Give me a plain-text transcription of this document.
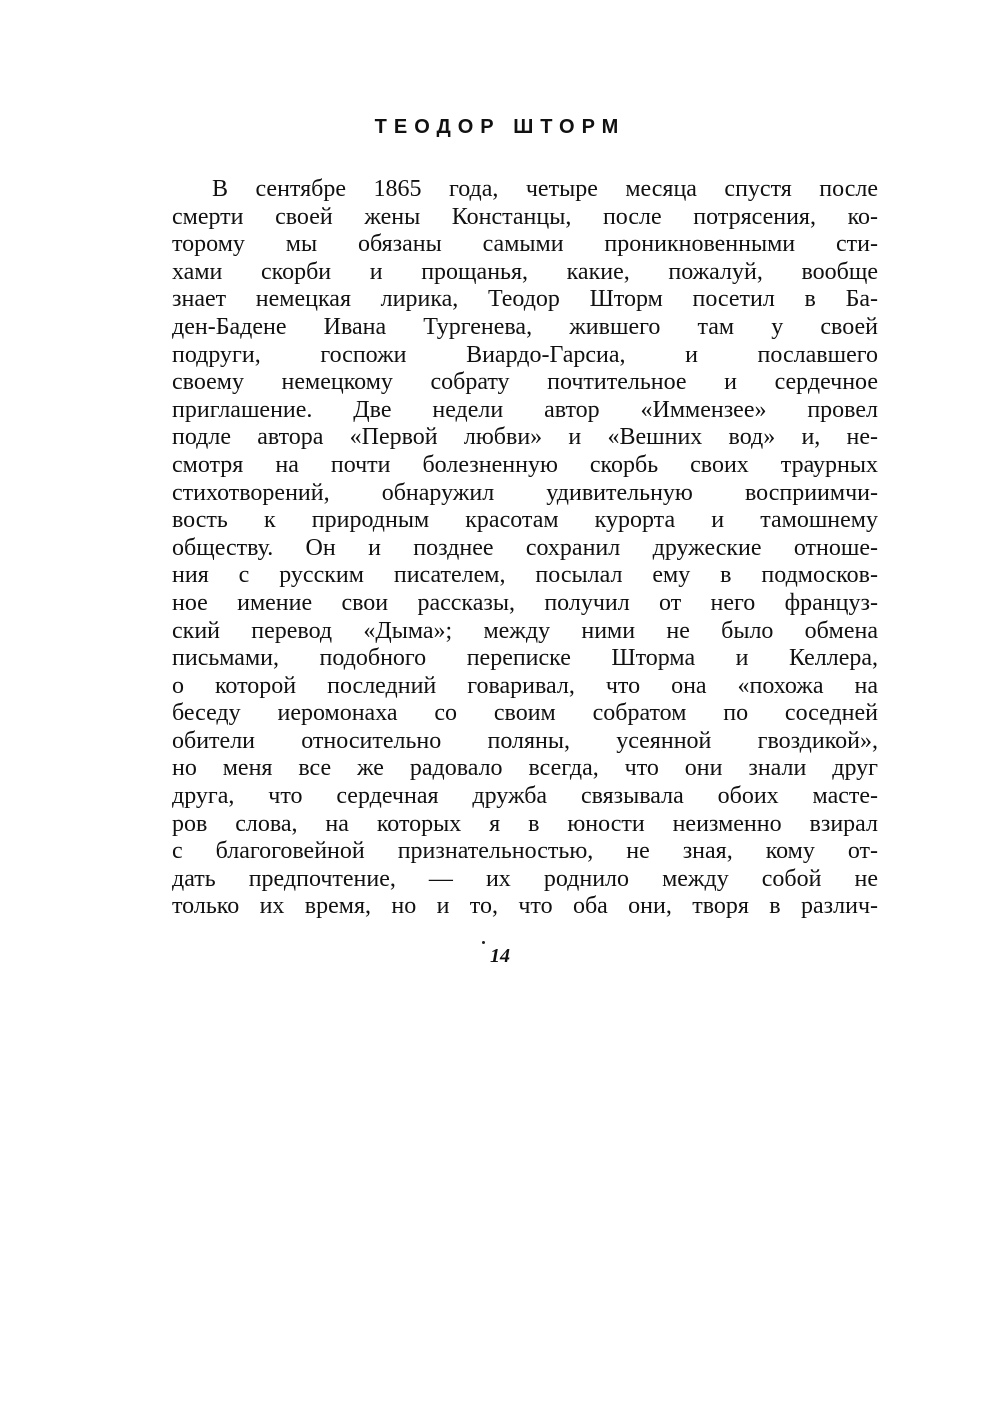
ТЕОДОР ШТОРМ
В сентябре 1865 года, четыре месяца спустя после
смерти своей жены Констанцы, после потрясения, ко-
торому мы обязаны самыми проникновенными сти-
хами скорби и прощанья, какие, пожалуй, вообще
знает немецкая лирика, Теодор Шторм посетил в Ба-
ден-Бадене Ивана Тургенева, жившего там у своей
подруги, госпожи Виардо-Гарсиа, и пославшего
своему немецкому собрату почтительное и сердечное
приглашение. Две недели автор «Иммензее» провел
подле автора «Первой любви» и «Вешних вод» и, не-
смотря на почти болезненную скорбь своих траурных
стихотворений, обнаружил удивительную восприимчи-
вость к природным красотам курорта и тамошнему
обществу. Он и позднее сохранил дружеские отноше-
ния с русским писателем, посылал ему в подмосков-
ное имение свои рассказы, получил от него француз-
ский перевод «Дыма»; между ними не было обмена
письмами, подобного переписке Шторма и Келлера,
о которой последний говаривал, что она «похожа на
беседу иеромонаха со своим собратом по соседней
обители относительно поляны, усеянной гвоздикой»,
но меня все же радовало всегда, что они знали друг
друга, что сердечная дружба связывала обоих масте-
ров слова, на которых я в юности неизменно взирал
с благоговейной признательностью, не зная, кому от-
дать предпочтение, — их роднило между собой не
только их время, но и то, что оба они, творя в различ-
14
